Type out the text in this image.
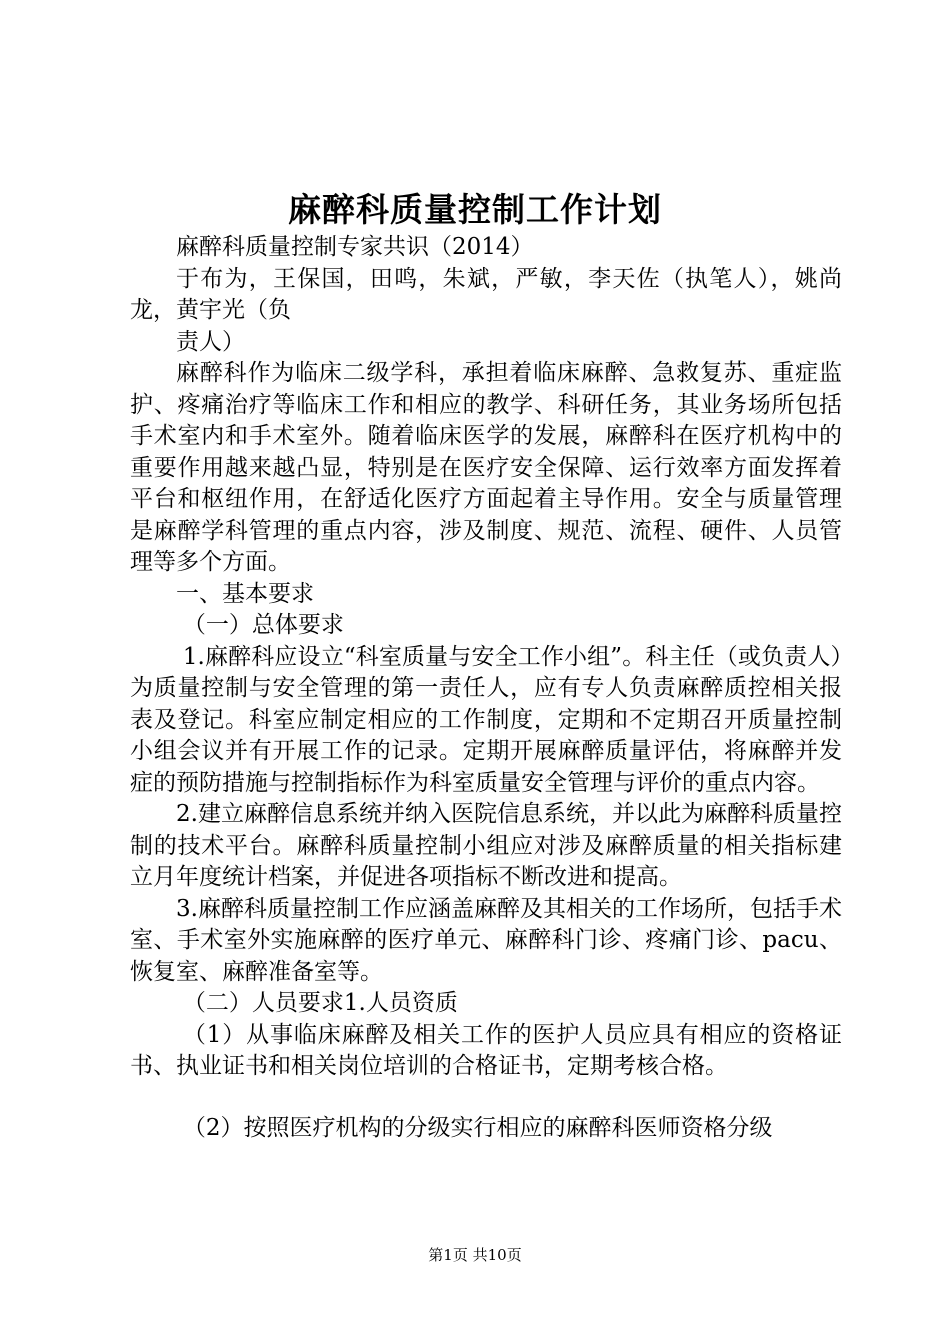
麻醉科质量控制工作计划

麻醉科质量控制专家共识（2014）

于布为，王保国，田鸣，朱斌，严敏，李天佐（执笔人），姚尚龙，黄宇光（负

责人）

麻醉科作为临床二级学科，承担着临床麻醉、急救复苏、重症监护、疼痛治疗等临床工作和相应的教学、科研任务，其业务场所包括手术室内和手术室外。随着临床医学的发展，麻醉科在医疗机构中的重要作用越来越凸显，特别是在医疗安全保障、运行效率方面发挥着平台和枢纽作用，在舒适化医疗方面起着主导作用。安全与质量管理是麻醉学科管理的重点内容，涉及制度、规范、流程、硬件、人员管理等多个方面。

一、基本要求

（一）总体要求

1.麻醉科应设立“科室质量与安全工作小组”。科主任（或负责人）为质量控制与安全管理的第一责任人，应有专人负责麻醉质控相关报表及登记。科室应制定相应的工作制度，定期和不定期召开质量控制小组会议并有开展工作的记录。定期开展麻醉质量评估，将麻醉并发症的预防措施与控制指标作为科室质量安全管理与评价的重点内容。

2.建立麻醉信息系统并纳入医院信息系统，并以此为麻醉科质量控制的技术平台。麻醉科质量控制小组应对涉及麻醉质量的相关指标建立月年度统计档案，并促进各项指标不断改进和提高。

3.麻醉科质量控制工作应涵盖麻醉及其相关的工作场所，包括手术室、手术室外实施麻醉的医疗单元、麻醉科门诊、疼痛门诊、pacu、恢复室、麻醉准备室等。

（二）人员要求1.人员资质

（1）从事临床麻醉及相关工作的医护人员应具有相应的资格证书、执业证书和相关岗位培训的合格证书，定期考核合格。

（2）按照医疗机构的分级实行相应的麻醉科医师资格分级

第1页 共10页
